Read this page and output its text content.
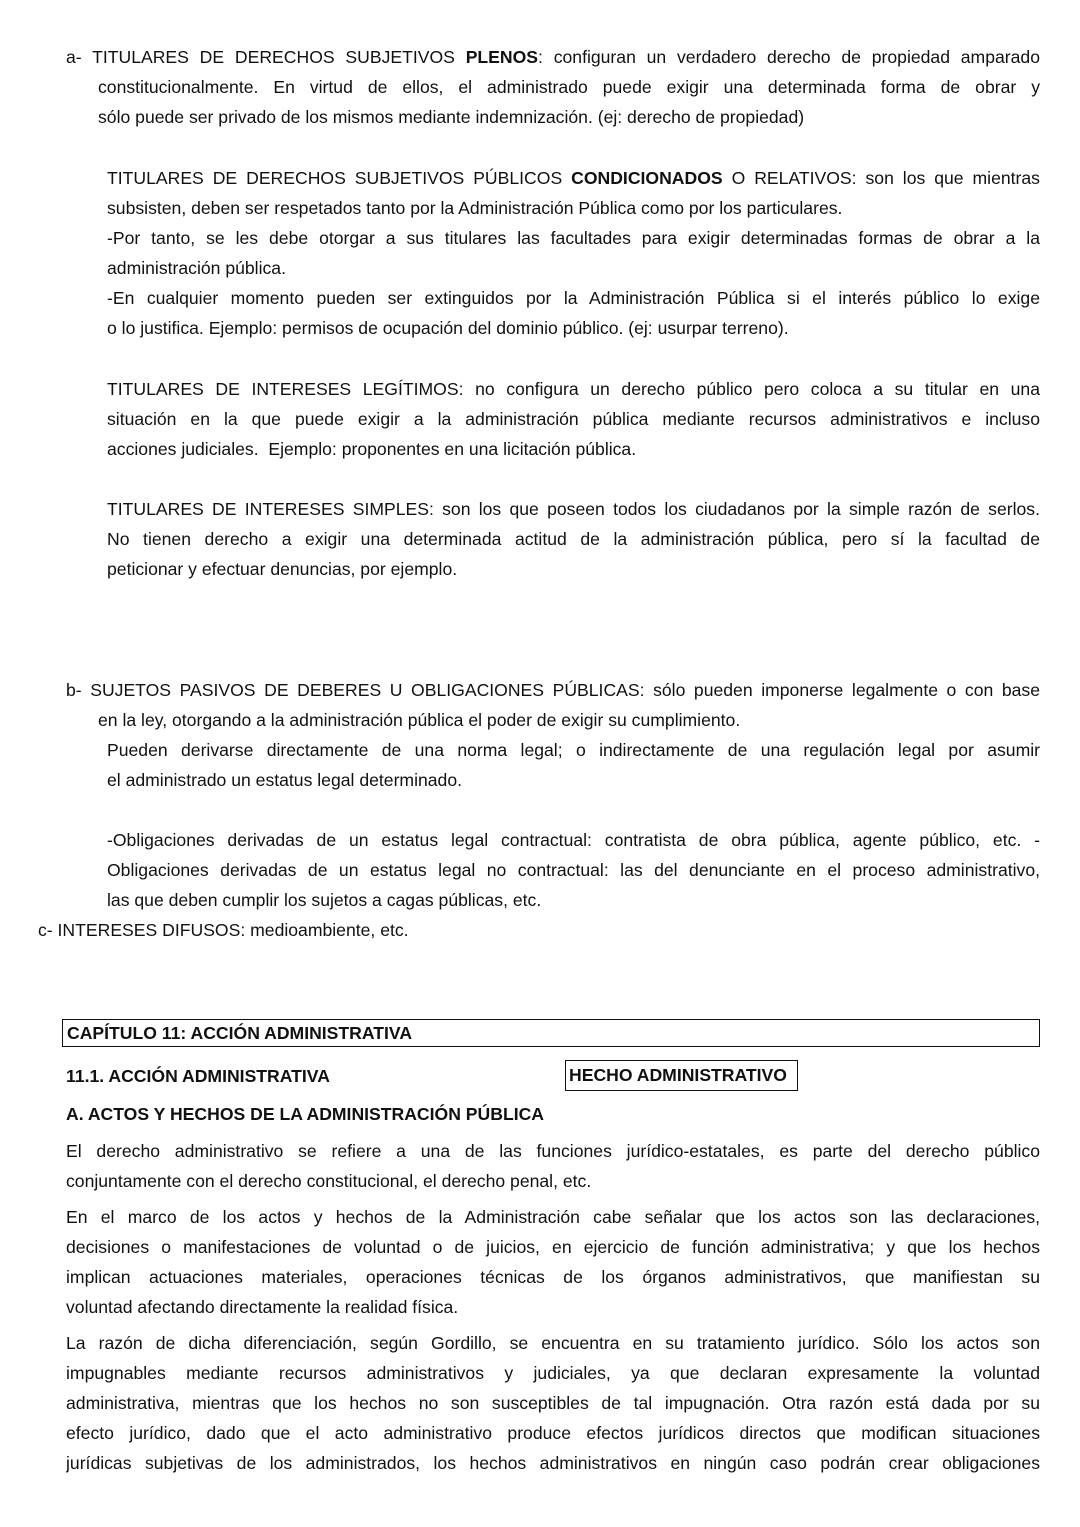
a- TITULARES DE DERECHOS SUBJETIVOS PLENOS: configuran un verdadero derecho de propiedad amparado
constitucionalmente. En virtud de ellos, el administrado puede exigir una determinada forma de obrar y
sólo puede ser privado de los mismos mediante indemnización. (ej: derecho de propiedad)
TITULARES DE DERECHOS SUBJETIVOS PÚBLICOS CONDICIONADOS O RELATIVOS: son los que mientras
subsisten, deben ser respetados tanto por la Administración Pública como por los particulares.
-Por tanto, se les debe otorgar a sus titulares las facultades para exigir determinadas formas de obrar a la
administración pública.
-En cualquier momento pueden ser extinguidos por la Administración Pública si el interés público lo exige
o lo justifica. Ejemplo: permisos de ocupación del dominio público. (ej: usurpar terreno).
TITULARES DE INTERESES LEGÍTIMOS: no configura un derecho público pero coloca a su titular en una
situación en la que puede exigir a la administración pública mediante recursos administrativos e incluso
acciones judiciales.  Ejemplo: proponentes en una licitación pública.
TITULARES DE INTERESES SIMPLES: son los que poseen todos los ciudadanos por la simple razón de serlos.
No tienen derecho a exigir una determinada actitud de la administración pública, pero sí la facultad de
peticionar y efectuar denuncias, por ejemplo.
b- SUJETOS PASIVOS DE DEBERES U OBLIGACIONES PÚBLICAS: sólo pueden imponerse legalmente o con base
en la ley, otorgando a la administración pública el poder de exigir su cumplimiento.
Pueden derivarse directamente de una norma legal; o indirectamente de una regulación legal por asumir
el administrado un estatus legal determinado.
-Obligaciones derivadas de un estatus legal contractual: contratista de obra pública, agente público, etc. -
Obligaciones derivadas de un estatus legal no contractual: las del denunciante en el proceso administrativo,
las que deben cumplir los sujetos a cagas públicas, etc.
c- INTERESES DIFUSOS: medioambiente, etc.
CAPÍTULO 11: ACCIÓN ADMINISTRATIVA
11.1. ACCIÓN ADMINISTRATIVA	HECHO ADMINISTRATIVO
A. ACTOS Y HECHOS DE LA ADMINISTRACIÓN PÚBLICA
El derecho administrativo se refiere a una de las funciones jurídico-estatales, es parte del derecho público
conjuntamente con el derecho constitucional, el derecho penal, etc.
En el marco de los actos y hechos de la Administración cabe señalar que los actos son las declaraciones,
decisiones o manifestaciones de voluntad o de juicios, en ejercicio de función administrativa; y que los hechos
implican actuaciones materiales, operaciones técnicas de los órganos administrativos, que manifiestan su
voluntad afectando directamente la realidad física.
La razón de dicha diferenciación, según Gordillo, se encuentra en su tratamiento jurídico. Sólo los actos son
impugnables mediante recursos administrativos y judiciales, ya que declaran expresamente la voluntad
administrativa, mientras que los hechos no son susceptibles de tal impugnación. Otra razón está dada por su
efecto jurídico, dado que el acto administrativo produce efectos jurídicos directos que modifican situaciones
jurídicas subjetivas de los administrados, los hechos administrativos en ningún caso podrán crear obligaciones
